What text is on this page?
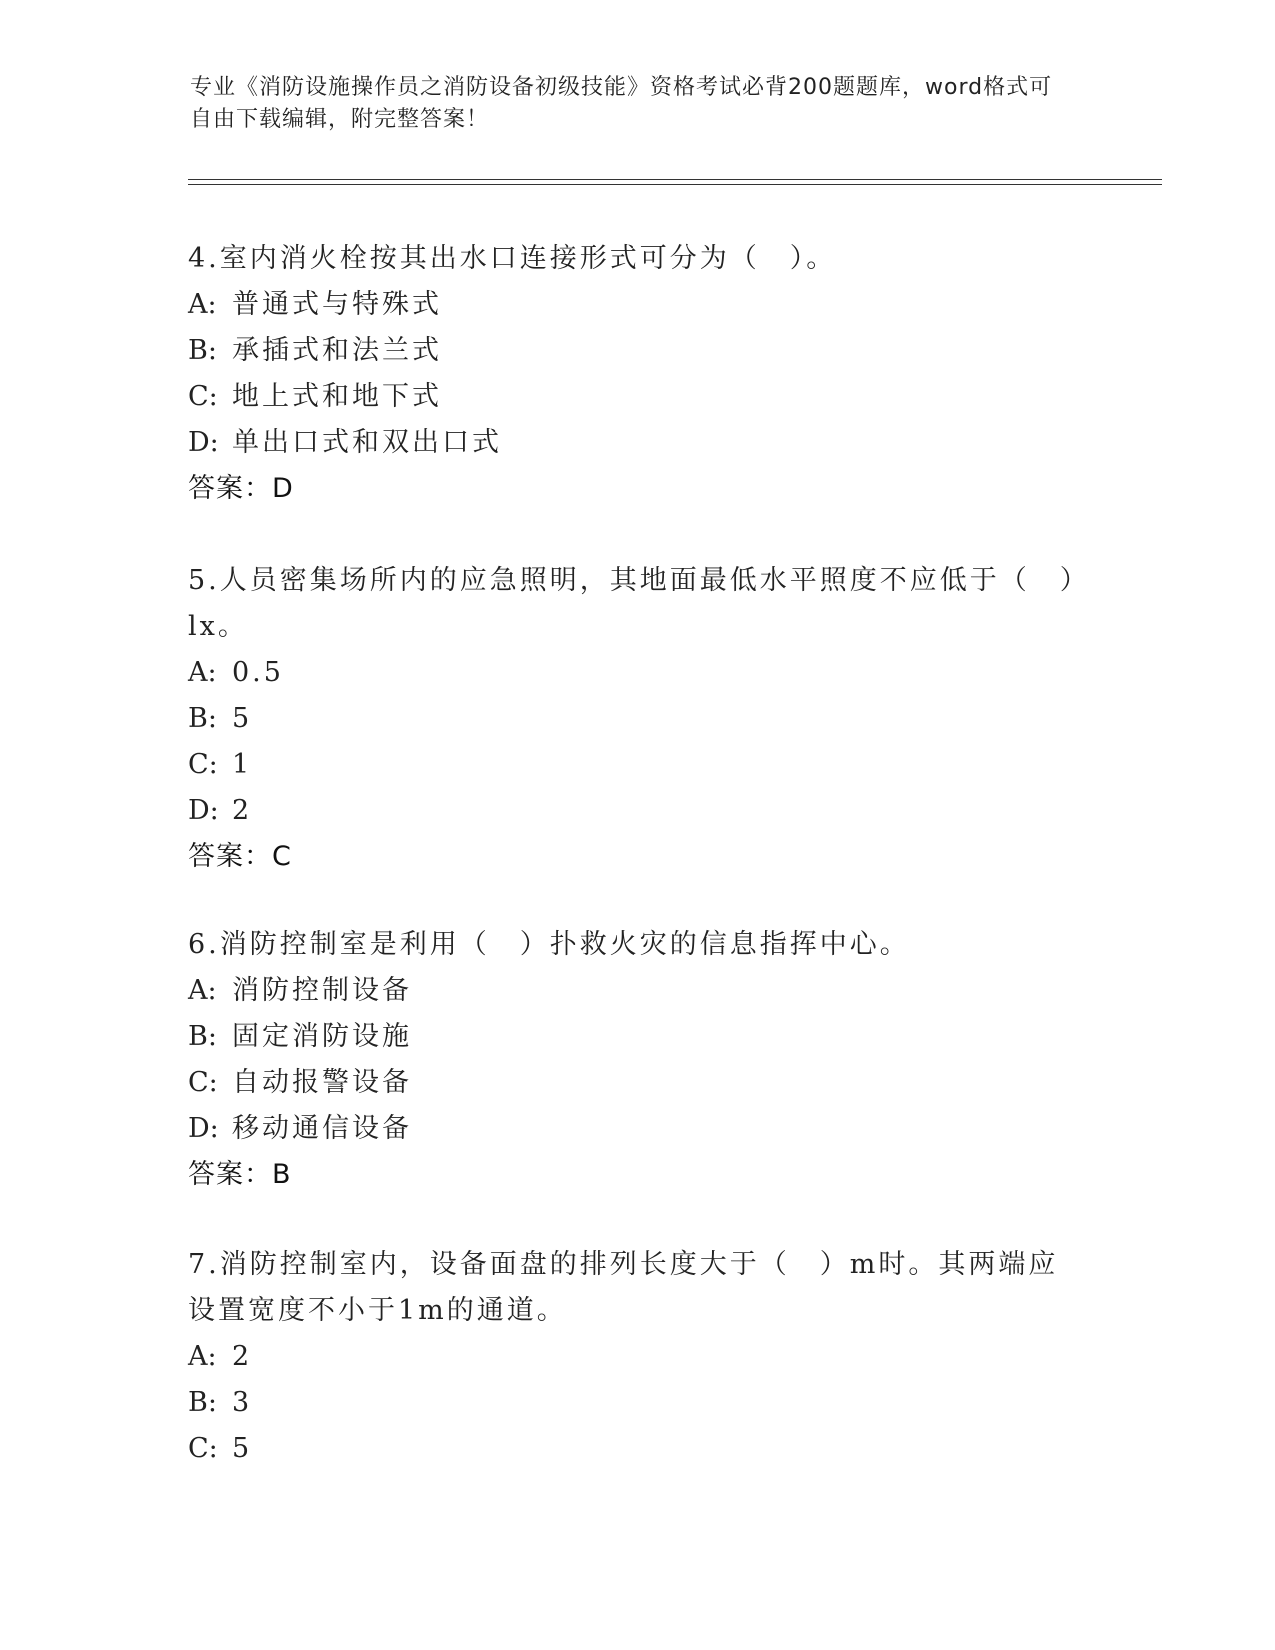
专业《消防设施操作员之消防设备初级技能》资格考试必背200题题库，word格式可自由下载编辑，附完整答案！

4.室内消火栓按其出水口连接形式可分为（　）。

A: 普通式与特殊式

B: 承插式和法兰式

C: 地上式和地下式

D: 单出口式和双出口式

答案：D

5.人员密集场所内的应急照明，其地面最低水平照度不应低于（　）lx。

A: 0.5

B: 5

C: 1

D: 2

答案：C

6.消防控制室是利用（　）扑救火灾的信息指挥中心。

A: 消防控制设备

B: 固定消防设施

C: 自动报警设备

D: 移动通信设备

答案：B

7.消防控制室内，设备面盘的排列长度大于（　）m时。其两端应设置宽度不小于1m的通道。

A: 2

B: 3

C: 5
